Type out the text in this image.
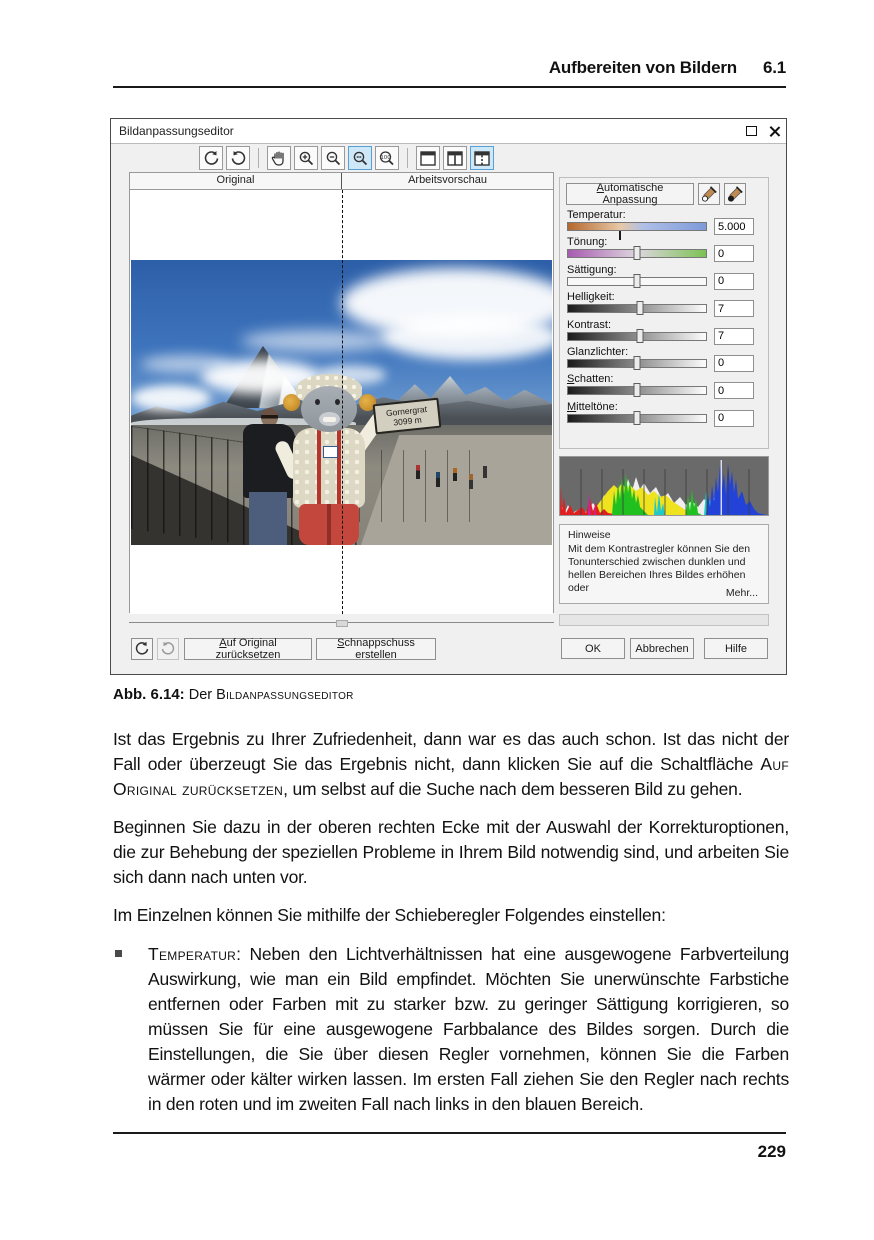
Aufbereiten von Bildern 6.1
Bildanpassungseditor
100
Original	Arbeitsvorschau
Gornergrat
3099 m
Auf Original zurücksetzen
Schnappschuss erstellen
Automatische Anpassung
Temperatur:
5.000
Tönung:
0
Sättigung:
0
Helligkeit:
7
Kontrast:
7
Glanzlichter:
0
Schatten:
0
Mitteltöne:
0
Hinweise
Mit dem Kontrastregler können Sie den Tonunterschied zwischen dunklen und hellen Bereichen Ihres Bildes erhöhen oder	Mehr...
OK	Abbrechen	Hilfe
Abb. 6.14: Der Bildanpassungseditor

Ist das Ergebnis zu Ihrer Zufriedenheit, dann war es das auch schon. Ist das nicht der Fall oder überzeugt Sie das Ergebnis nicht, dann klicken Sie auf die Schaltfläche Auf Original zurücksetzen, um selbst auf die Suche nach dem besseren Bild zu gehen.

Beginnen Sie dazu in der oberen rechten Ecke mit der Auswahl der Korrekturoptionen, die zur Behebung der speziellen Probleme in Ihrem Bild notwendig sind, und arbeiten Sie sich dann nach unten vor.

Im Einzelnen können Sie mithilfe der Schieberegler Folgendes einstellen:

Temperatur: Neben den Lichtverhältnissen hat eine ausgewogene Farbverteilung Auswirkung, wie man ein Bild empfindet. Möchten Sie unerwünschte Farbstiche entfernen oder Farben mit zu starker bzw. zu geringer Sättigung korrigieren, so müssen Sie für eine ausgewogene Farbbalance des Bildes sorgen. Durch die Einstellungen, die Sie über diesen Regler vornehmen, können Sie die Farben wärmer oder kälter wirken lassen. Im ersten Fall ziehen Sie den Regler nach rechts in den roten und im zweiten Fall nach links in den blauen Bereich.
229
